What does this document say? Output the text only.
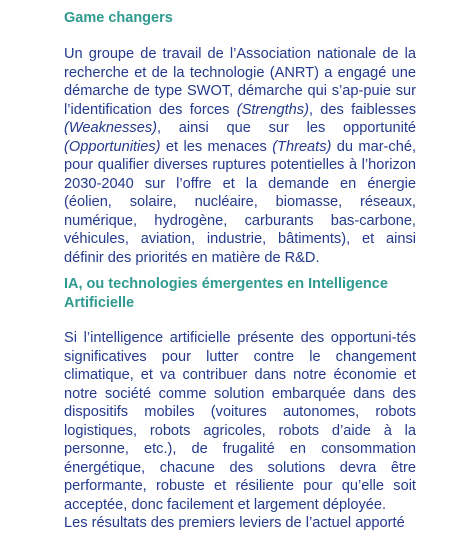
Game changers

Un groupe de travail de l’Association nationale de la recherche et de la technologie (ANRT) a engagé une démarche de type SWOT, démarche qui s’ap-puie sur l’identification des forces (Strengths), des faiblesses (Weaknesses), ainsi que sur les opportunité (Opportunities) et les menaces (Threats) du mar-ché, pour qualifier diverses ruptures potentielles à l’horizon 2030-2040 sur l’offre et la demande en énergie (éolien, solaire, nucléaire, biomasse, réseaux, numérique, hydrogène, carburants bas-carbone, véhicules, aviation, industrie, bâtiments), et ainsi définir des priorités en matière de R&D.

IA, ou technologies émergentes en Intelligence Artificielle

Si l’intelligence artificielle présente des opportuni-tés significatives pour lutter contre le changement climatique, et va contribuer dans notre économie et notre société comme solution embarquée dans des dispositifs mobiles (voitures autonomes, robots logistiques, robots agricoles, robots d’aide à la personne, etc.), de frugalité en consommation énergétique, chacune des solutions devra être performante, robuste et résiliente pour qu’elle soit acceptée, donc facilement et largement déployée.

Les résultats des premiers leviers de l’actuel apporté
